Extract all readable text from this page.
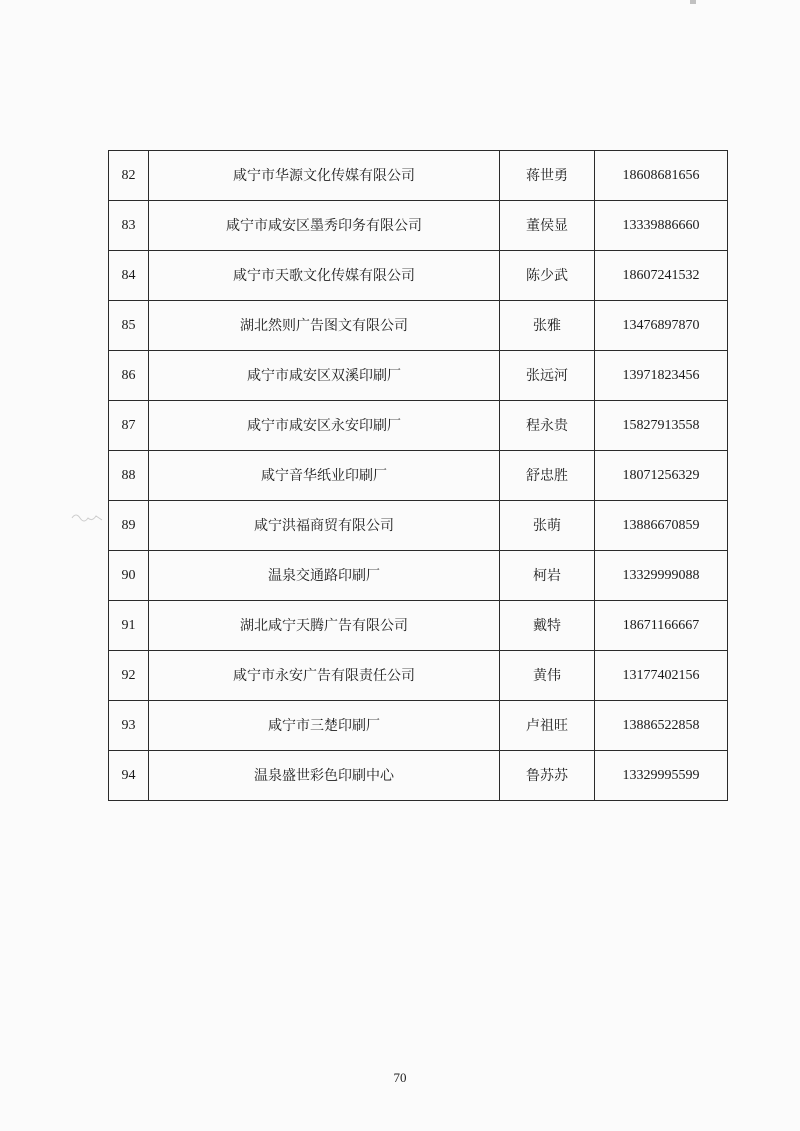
82	咸宁市华源文化传媒有限公司	蒋世勇	18608681656
83	咸宁市咸安区墨秀印务有限公司	董侯显	13339886660
84	咸宁市天歌文化传媒有限公司	陈少武	18607241532
85	湖北然则广告图文有限公司	张雅	13476897870
86	咸宁市咸安区双溪印刷厂	张远河	13971823456
87	咸宁市咸安区永安印刷厂	程永贵	15827913558
88	咸宁音华纸业印刷厂	舒忠胜	18071256329
89	咸宁洪福商贸有限公司	张萌	13886670859
90	温泉交通路印刷厂	柯岩	13329999088
91	湖北咸宁天腾广告有限公司	戴特	18671166667
92	咸宁市永安广告有限责任公司	黄伟	13177402156
93	咸宁市三楚印刷厂	卢祖旺	13886522858
94	温泉盛世彩色印刷中心	鲁苏苏	13329995599
70
